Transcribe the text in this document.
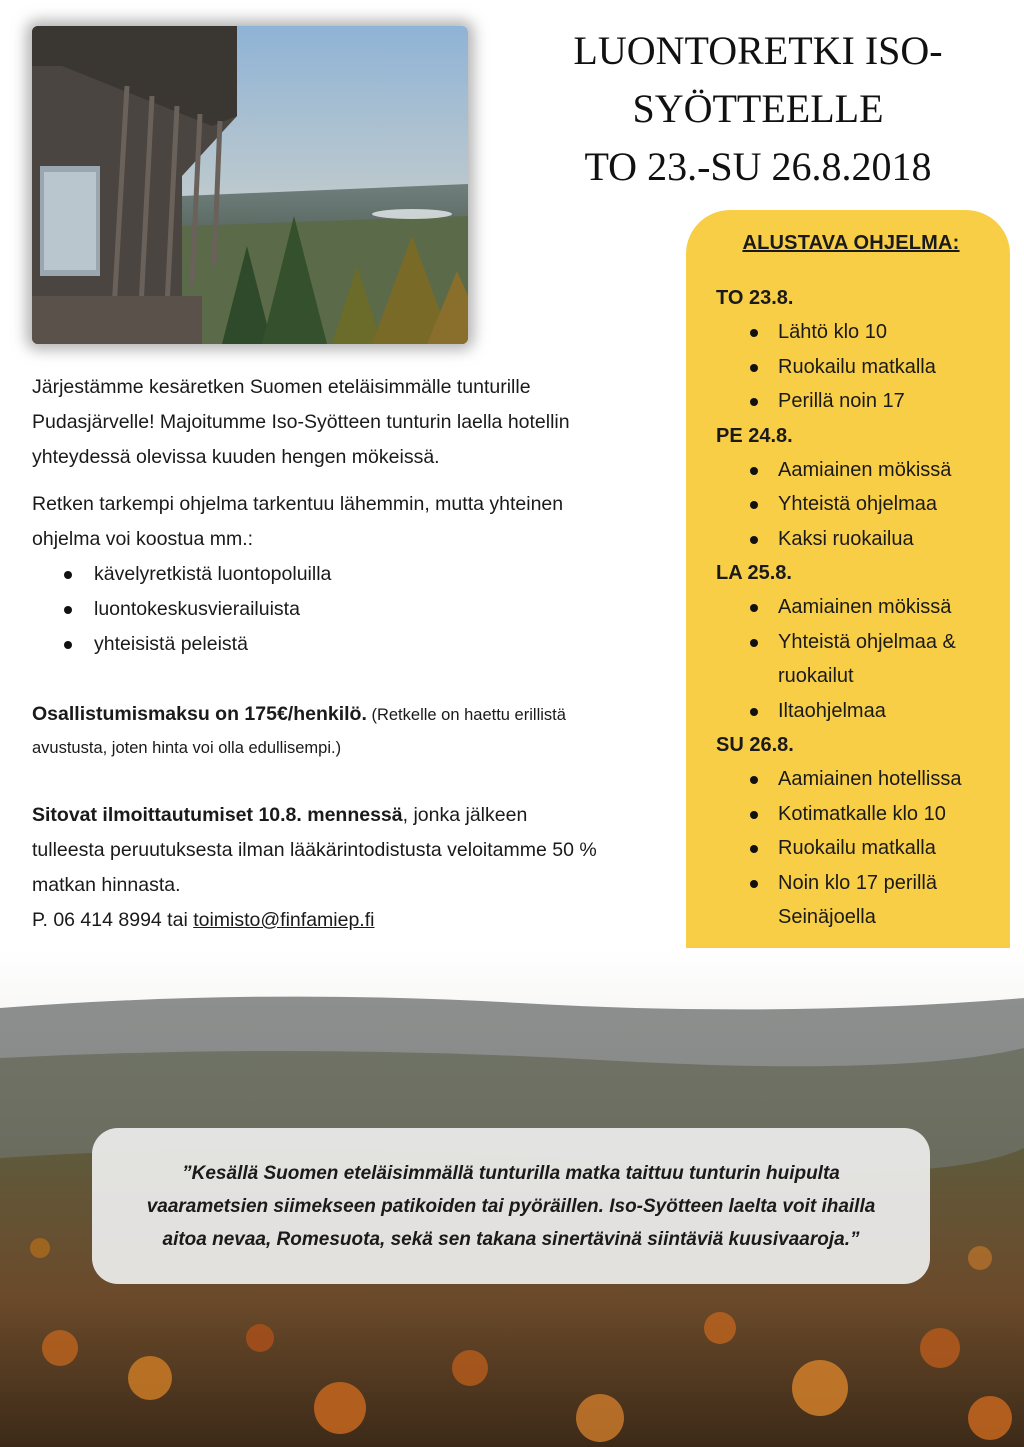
LUONTORETKI ISO-
SYÖTTEELLE
TO 23.-SU 26.8.2018
ALUSTAVA OHJELMA:

TO 23.8.

Lähtö klo 10
Ruokailu matkalla
Perillä noin 17

PE 24.8.

Aamiainen mökissä
Yhteistä ohjelmaa
Kaksi ruokailua

LA 25.8.

Aamiainen mökissä
Yhteistä ohjelmaa & ruokailut
Iltaohjelmaa

SU 26.8.

Aamiainen hotellissa
Kotimatkalle klo 10
Ruokailu matkalla
Noin klo 17 perillä Seinäjoella

Järjestämme kesäretken Suomen eteläisimmälle tunturille Pudasjärvelle! Majoitumme Iso-Syötteen tunturin laella hotellin yhteydessä olevissa kuuden hengen mökeissä.

Retken tarkempi ohjelma tarkentuu lähemmin, mutta yhteinen ohjelma voi koostua mm.:

kävelyretkistä luontopoluilla
luontokeskusvierailuista
yhteisistä peleistä

Osallistumismaksu on 175€/henkilö. (Retkelle on haettu erillistä avustusta, joten hinta voi olla edullisempi.)

Sitovat ilmoittautumiset 10.8. mennessä, jonka jälkeen tulleesta peruutuksesta ilman lääkärintodistusta veloitamme 50 % matkan hinnasta.

P. 06 414 8994 tai toimisto@finfamiep.fi

”Kesällä Suomen eteläisimmällä tunturilla matka taittuu tunturin huipulta vaarametsien siimekseen patikoiden tai pyöräillen. Iso-Syötteen laelta voit ihailla aitoa nevaa, Romesuota, sekä sen takana sinertävinä siintäviä kuusivaaroja.”
